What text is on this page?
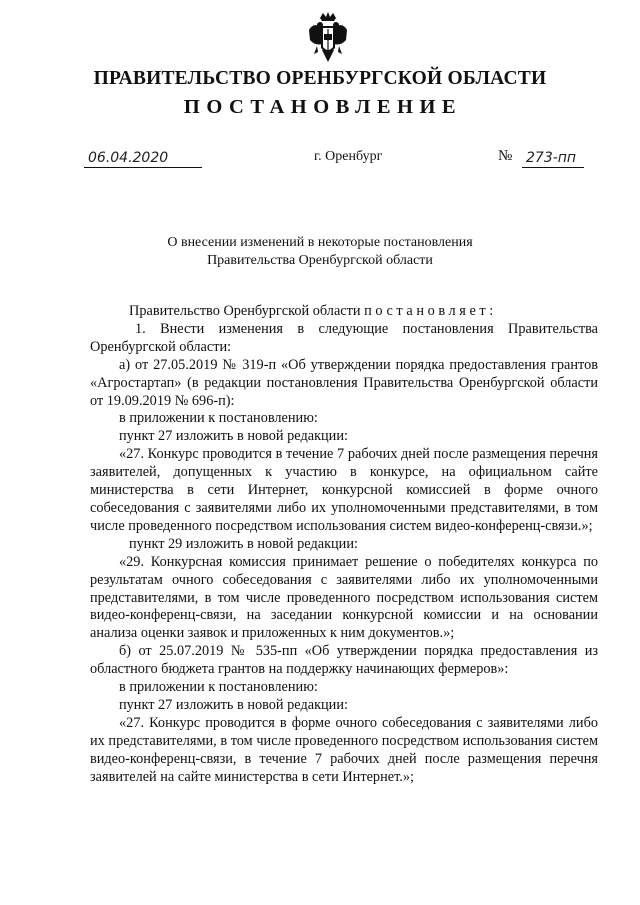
ПРАВИТЕЛЬСТВО ОРЕНБУРГСКОЙ ОБЛАСТИ
ПОСТАНОВЛЕНИЕ
06.04.2020	г. Оренбург	№ 273-пп
О внесении изменений в некоторые постановления
Правительства Оренбургской области

Правительство Оренбургской области постановляет:

1. Внести изменения в следующие постановления Правительства Оренбургской области:

а) от 27.05.2019 № 319-п «Об утверждении порядка предоставления грантов «Агростартап» (в редакции постановления Правительства Оренбургской области от 19.09.2019 № 696-п):

в приложении к постановлению:

пункт 27 изложить в новой редакции:

«27. Конкурс проводится в течение 7 рабочих дней после размещения перечня заявителей, допущенных к участию в конкурсе, на официальном сайте министерства в сети Интернет, конкурсной комиссией в форме очного собеседования с заявителями либо их уполномоченными представителями, в том числе проведенного посредством использования систем видео-конференц-связи.»;

пункт 29 изложить в новой редакции:

«29. Конкурсная комиссия принимает решение о победителях конкурса по результатам очного собеседования с заявителями либо их уполномоченными представителями, в том числе проведенного посредством использования систем видео-конференц-связи, на заседании конкурсной комиссии и на основании анализа оценки заявок и приложенных к ним документов.»;

б) от 25.07.2019 № 535-пп «Об утверждении порядка предоставления из областного бюджета грантов на поддержку начинающих фермеров»:

в приложении к постановлению:

пункт 27 изложить в новой редакции:

«27. Конкурс проводится в форме очного собеседования с заявителями либо их представителями, в том числе проведенного посредством использования систем видео-конференц-связи, в течение 7 рабочих дней после размещения перечня заявителей на сайте министерства в сети Интернет.»;
